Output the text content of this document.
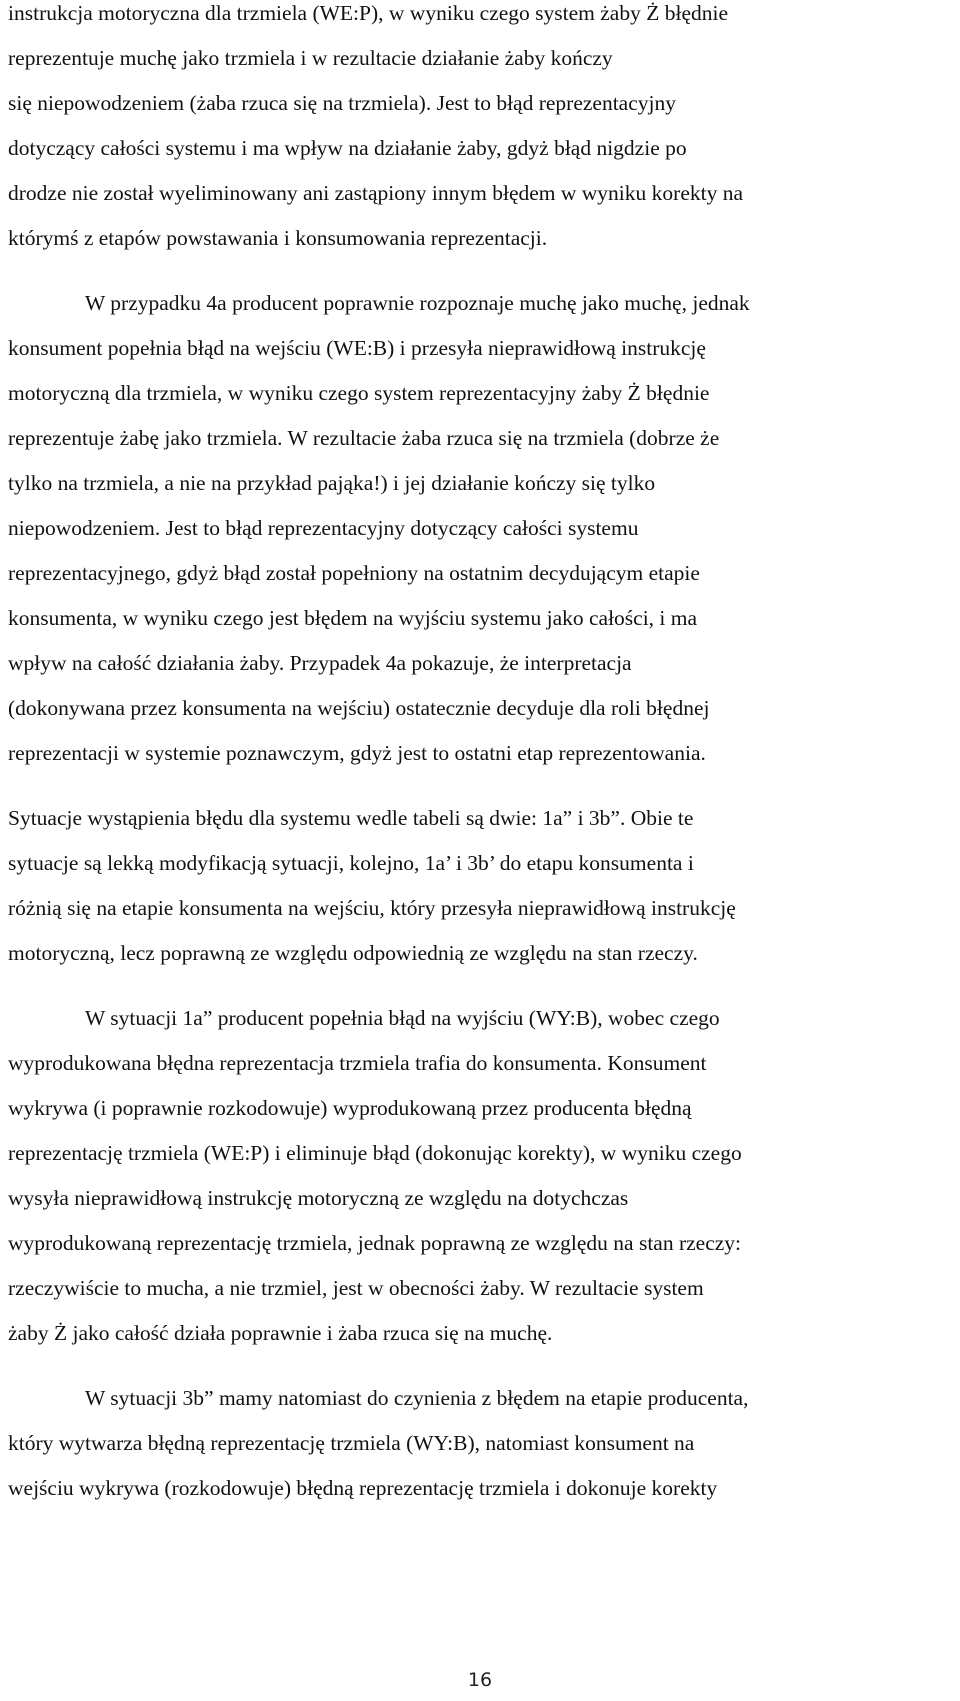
instrukcja motoryczna dla trzmiela (WE:P), w wyniku czego system żaby Ż błędnie
reprezentuje muchę jako trzmiela i w rezultacie działanie żaby kończy
się niepowodzeniem (żaba rzuca się na trzmiela). Jest to błąd reprezentacyjny
dotyczący całości systemu i ma wpływ na działanie żaby, gdyż błąd nigdzie po
drodze nie został wyeliminowany ani zastąpiony innym błędem w wyniku korekty na
którymś z etapów powstawania i konsumowania reprezentacji.
W przypadku 4a producent poprawnie rozpoznaje muchę jako muchę, jednak
konsument popełnia błąd na wejściu (WE:B) i przesyła nieprawidłową instrukcję
motoryczną dla trzmiela, w wyniku czego system reprezentacyjny żaby Ż błędnie
reprezentuje żabę jako trzmiela. W rezultacie żaba rzuca się na trzmiela (dobrze że
tylko na trzmiela, a nie na przykład pająka!) i jej działanie kończy się tylko
niepowodzeniem. Jest to błąd reprezentacyjny dotyczący całości systemu
reprezentacyjnego, gdyż błąd został popełniony na ostatnim decydującym etapie
konsumenta, w wyniku czego jest błędem na wyjściu systemu jako całości, i ma
wpływ na całość działania żaby. Przypadek 4a pokazuje, że interpretacja
(dokonywana przez konsumenta na wejściu) ostatecznie decyduje dla roli błędnej
reprezentacji w systemie poznawczym, gdyż jest to ostatni etap reprezentowania.
Sytuacje wystąpienia błędu dla systemu wedle tabeli są dwie: 1a” i 3b”. Obie te
sytuacje są lekką modyfikacją sytuacji, kolejno, 1a’ i 3b’ do etapu konsumenta i
różnią się na etapie konsumenta na wejściu, który przesyła nieprawidłową instrukcję
motoryczną, lecz poprawną ze względu odpowiednią ze względu na stan rzeczy.
W sytuacji 1a” producent popełnia błąd na wyjściu (WY:B), wobec czego
wyprodukowana błędna reprezentacja trzmiela trafia do konsumenta. Konsument
wykrywa (i poprawnie rozkodowuje) wyprodukowaną przez producenta błędną
reprezentację trzmiela (WE:P) i eliminuje błąd (dokonując korekty), w wyniku czego
wysyła nieprawidłową instrukcję motoryczną ze względu na dotychczas
wyprodukowaną reprezentację trzmiela, jednak poprawną ze względu na stan rzeczy:
rzeczywiście to mucha, a nie trzmiel, jest w obecności żaby. W rezultacie system
żaby Ż jako całość działa poprawnie i żaba rzuca się na muchę.
W sytuacji 3b” mamy natomiast do czynienia z błędem na etapie producenta,
który wytwarza błędną reprezentację trzmiela (WY:B), natomiast konsument na
wejściu wykrywa (rozkodowuje) błędną reprezentację trzmiela i dokonuje korekty
16
